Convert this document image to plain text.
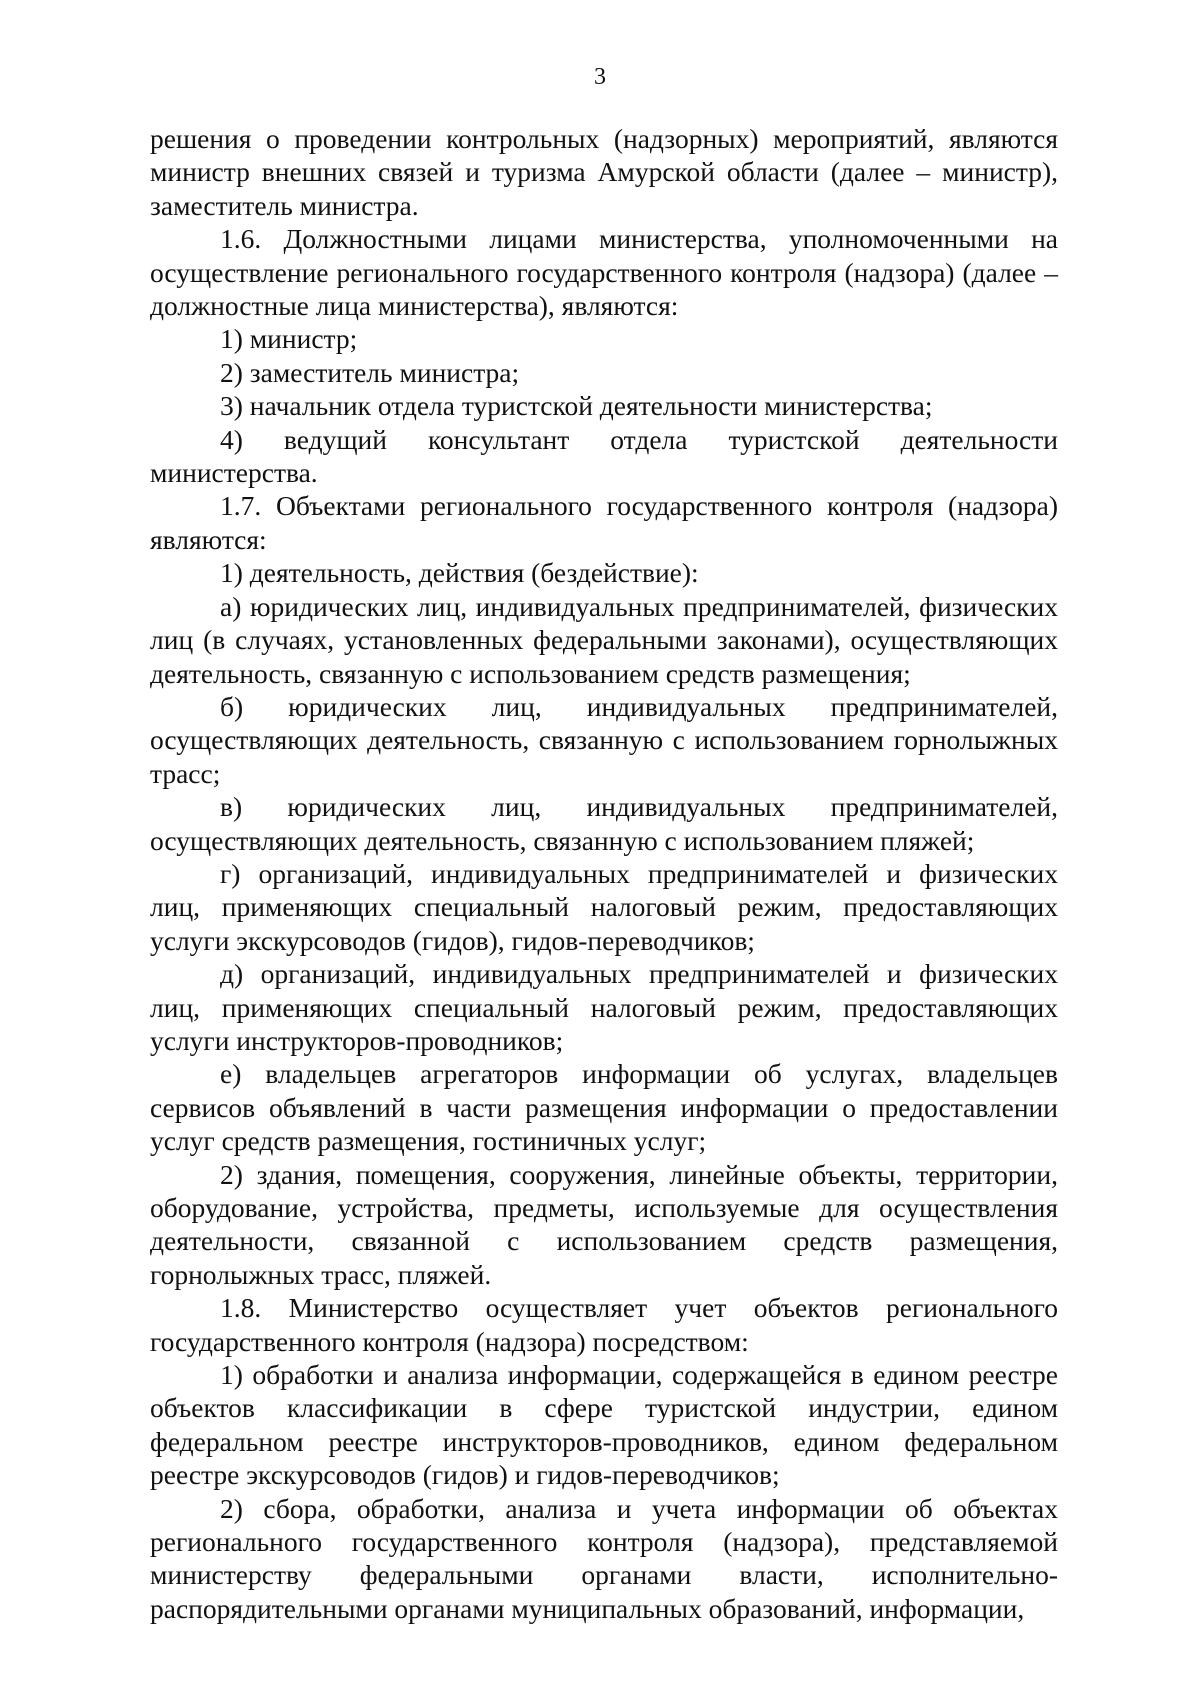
3

решения о проведении контрольных (надзорных) мероприятий, являются министр внешних связей и туризма Амурской области (далее – министр), заместитель министра.

1.6. Должностными лицами министерства, уполномоченными на осуществление регионального государственного контроля (надзора) (далее – должностные лица министерства), являются:

1) министр;

2) заместитель министра;

3) начальник отдела туристской деятельности министерства;

4) ведущий консультант отдела туристской деятельности министерства.

1.7. Объектами регионального государственного контроля (надзора) являются:

1) деятельность, действия (бездействие):

а) юридических лиц, индивидуальных предпринимателей, физических лиц (в случаях, установленных федеральными законами), осуществляющих деятельность, связанную с использованием средств размещения;

б) юридических лиц, индивидуальных предпринимателей, осуществляющих деятельность, связанную с использованием горнолыжных трасс;

в) юридических лиц, индивидуальных предпринимателей, осуществляющих деятельность, связанную с использованием пляжей;

г) организаций, индивидуальных предпринимателей и физических лиц, применяющих специальный налоговый режим, предоставляющих услуги экскурсоводов (гидов), гидов-переводчиков;

д) организаций, индивидуальных предпринимателей и физических лиц, применяющих специальный налоговый режим, предоставляющих услуги инструкторов-проводников;

е) владельцев агрегаторов информации об услугах, владельцев сервисов объявлений в части размещения информации о предоставлении услуг средств размещения, гостиничных услуг;

2) здания, помещения, сооружения, линейные объекты, территории, оборудование, устройства, предметы, используемые для осуществления деятельности, связанной с использованием средств размещения, горнолыжных трасс, пляжей.

1.8. Министерство осуществляет учет объектов регионального государственного контроля (надзора) посредством:

1) обработки и анализа информации, содержащейся в едином реестре объектов классификации в сфере туристской индустрии, едином федеральном реестре инструкторов-проводников, едином федеральном реестре экскурсоводов (гидов) и гидов-переводчиков;

2) сбора, обработки, анализа и учета информации об объектах регионального государственного контроля (надзора), представляемой министерству федеральными органами власти, исполнительно-распорядительными органами муниципальных образований, информации,
